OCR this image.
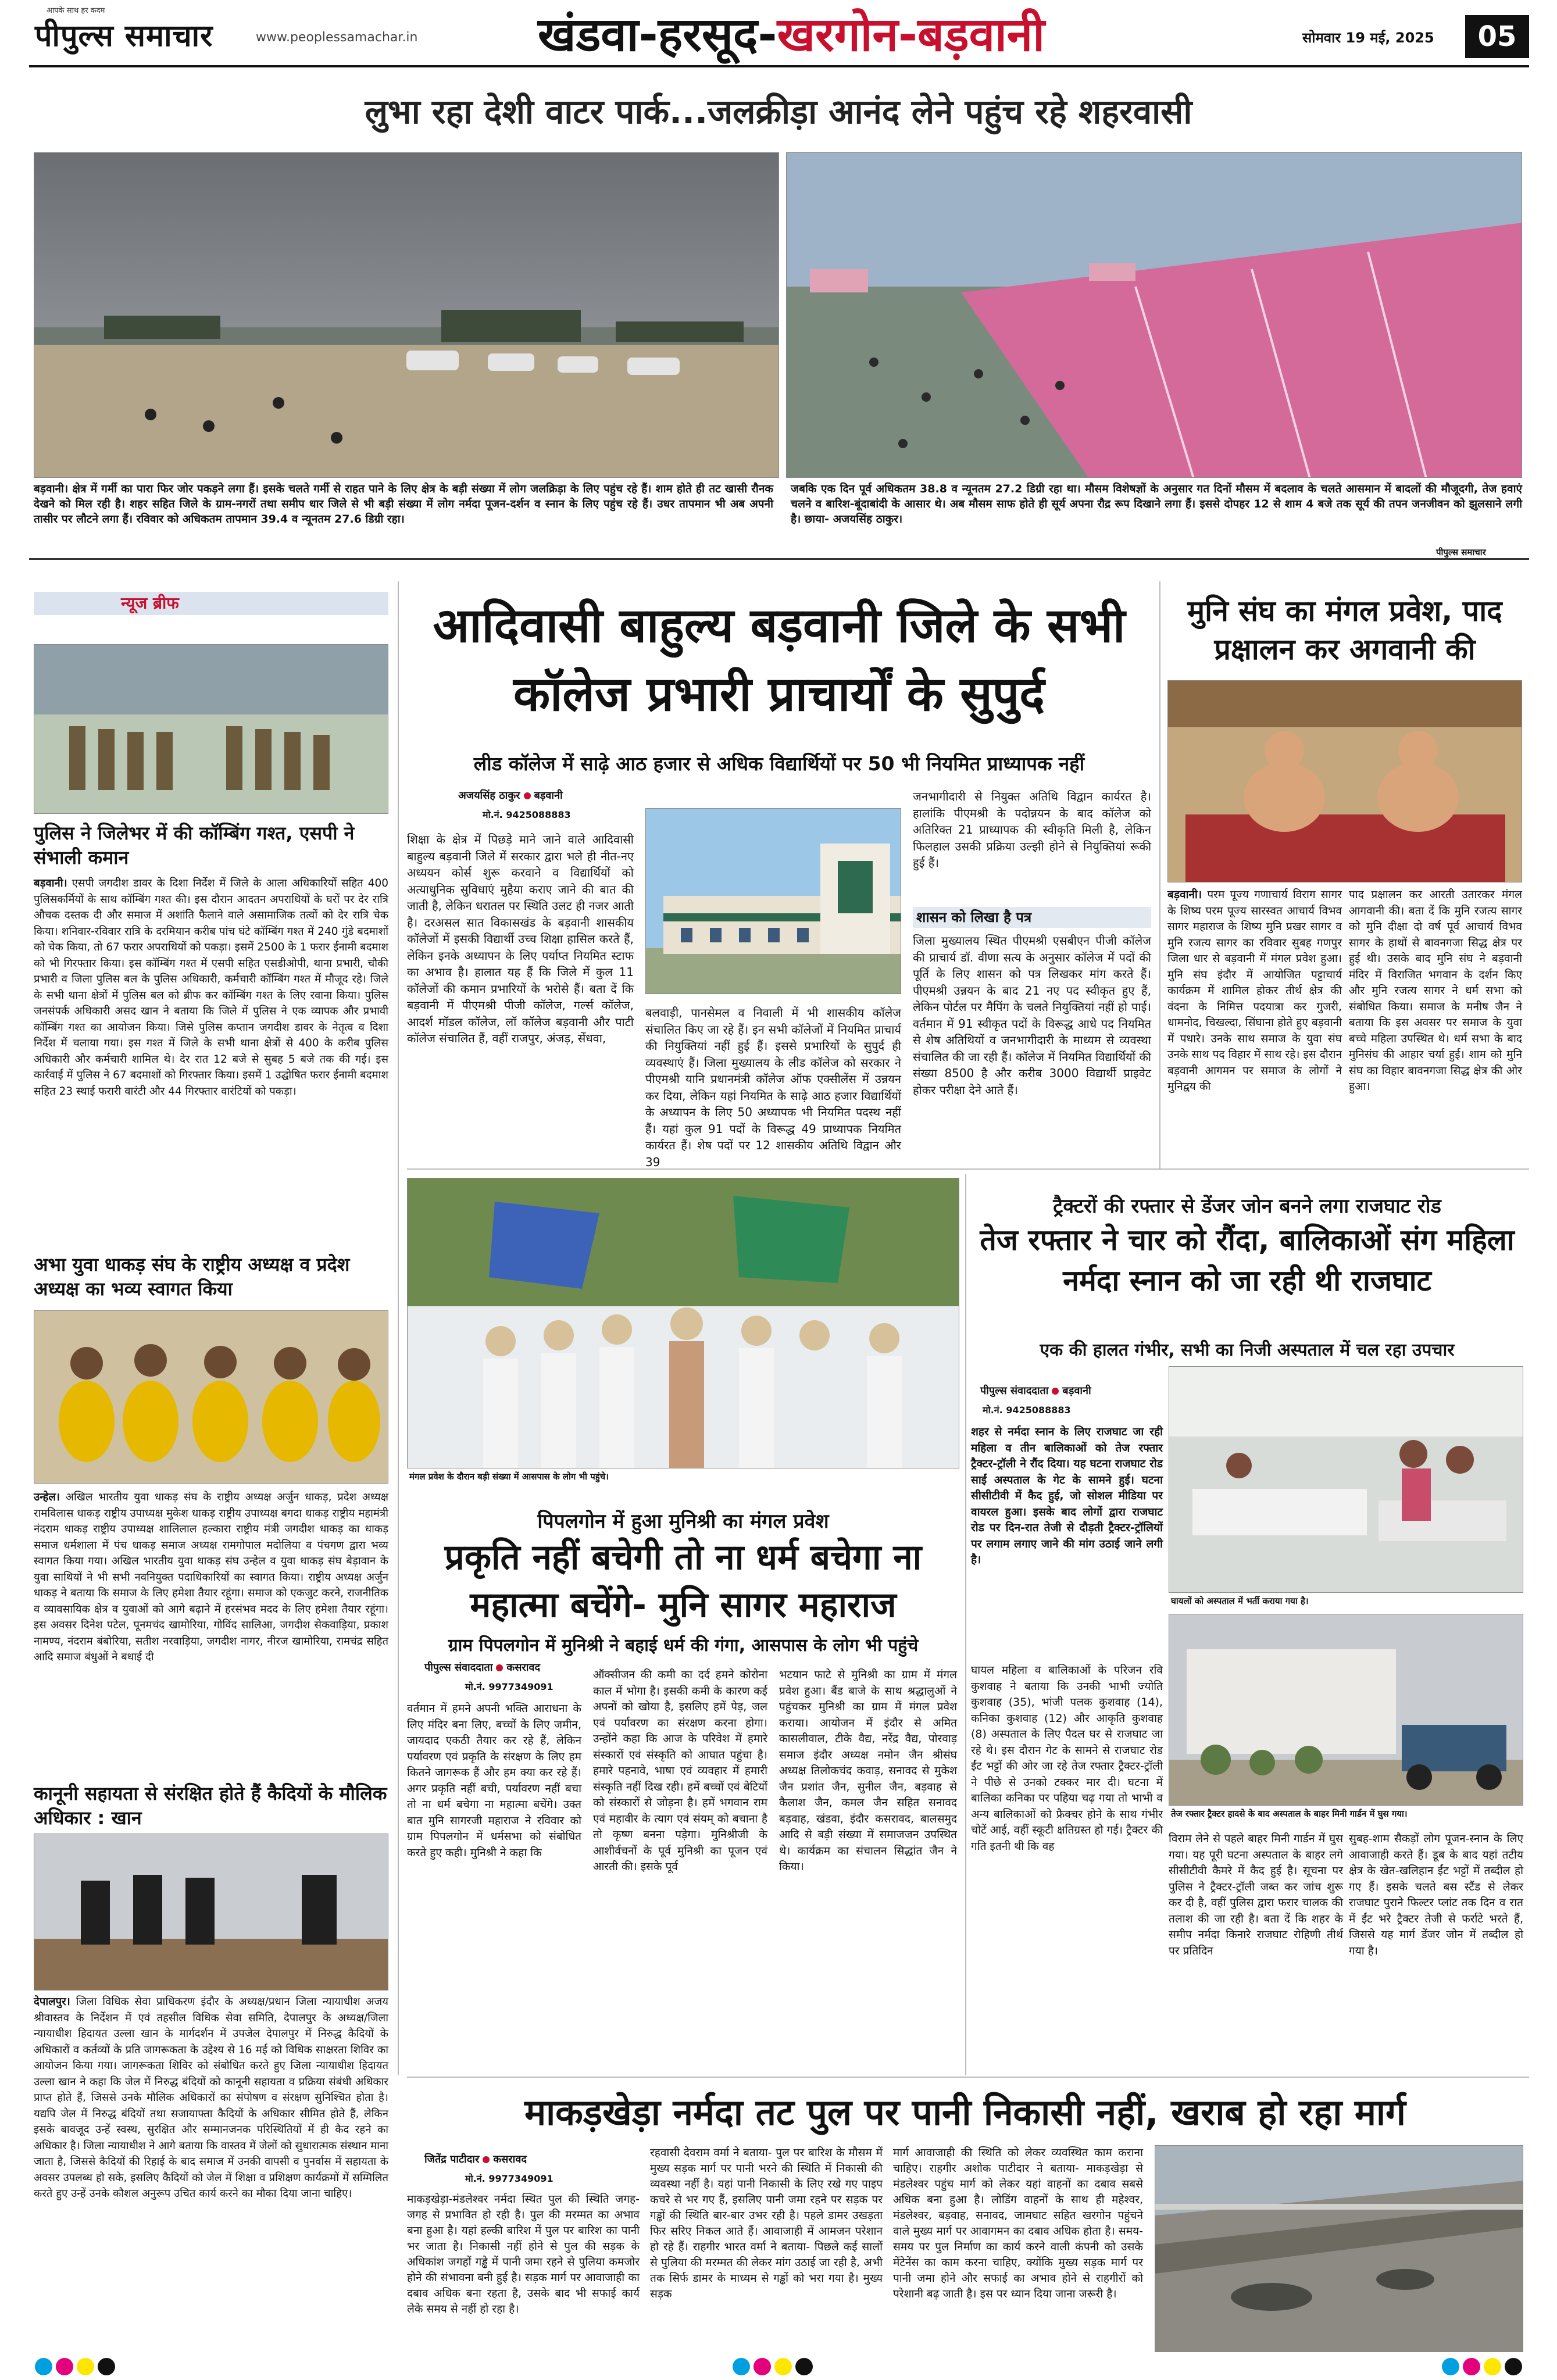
आपके साथ हर कदम
पीपुल्स समाचार	www.peoplessamachar.in	खंडवा-हरसूद-खरगोन-बड़वानी	सोमवार 19 मई, 2025	05
लुभा रहा देशी वाटर पार्क...जलक्रीड़ा आनंद लेने पहुंच रहे शहरवासी
बड़वानी। क्षेत्र में गर्मी का पारा फिर जोर पकड़ने लगा हैं। इसके चलते गर्मी से राहत पाने के लिए क्षेत्र के बड़ी संख्या में लोग जलक्रिड़ा के लिए पहुंच रहे हैं। शाम होते ही तट खासी रौनक देखने को मिल रही है। शहर सहित जिले के ग्राम-नगरों तथा समीप धार जिले से भी बड़ी संख्या में लोग नर्मदा पूजन-दर्शन व स्नान के लिए पहुंच रहे हैं। उधर तापमान भी अब अपनी तासीर पर लौटने लगा हैं। रविवार को अधिकतम तापमान 39.4 व न्यूनतम 27.6 डिग्री रहा।
जबकि एक दिन पूर्व अधिकतम 38.8 व न्यूनतम 27.2 डिग्री रहा था। मौसम विशेषज्ञों के अनुसार गत दिनों मौसम में बदलाव के चलते आसमान में बादलों की मौजूदगी, तेज हवाएं चलने व बारिश-बूंदाबांदी के आसार थे। अब मौसम साफ होते ही सूर्य अपना रौद्र रूप दिखाने लगा हैं। इससे दोपहर 12 से शाम 4 बजे तक सूर्य की तपन जनजीवन को झुलसाने लगी है। छाया- अजयसिंह ठाकुर।
पीपुल्स समाचार
न्यूज ब्रीफ
पुलिस ने जिलेभर में की कॉम्बिंग गश्त, एसपी ने संभाली कमान
बड़वानी। एसपी जगदीश डावर के दिशा निर्देश में जिले के आला अधिकारियों सहित 400 पुलिसकर्मियों के साथ कॉम्बिंग गश्त की। इस दौरान आदतन अपराधियों के घरों पर देर रात्रि औचक दस्तक दी और समाज में अशांति फैलाने वाले असामाजिक तत्वों को देर रात्रि चेक किया। शनिवार-रविवार रात्रि के दरमियान करीब पांच घंटे कॉम्बिंग गश्त में 240 गुंडे बदमाशों को चेक किया, तो 67 फरार अपराधियों को पकड़ा। इसमें 2500 के 1 फरार ईनामी बदमाश को भी गिरफ्तार किया। इस कॉम्बिंग गश्त में एसपी सहित एसडीओपी, थाना प्रभारी, चौकी प्रभारी व जिला पुलिस बल के पुलिस अधिकारी, कर्मचारी कॉम्बिंग गश्त में मौजूद रहे। जिले के सभी थाना क्षेत्रों में पुलिस बल को ब्रीफ कर कॉम्बिंग गश्त के लिए रवाना किया। पुलिस जनसंपर्क अधिकारी असद खान ने बताया कि जिले में पुलिस ने एक व्यापक और प्रभावी कॉम्बिंग गश्त का आयोजन किया। जिसे पुलिस कप्तान जगदीश डावर के नेतृत्व व दिशा निर्देश में चलाया गया। इस गश्त में जिले के सभी थाना क्षेत्रों से 400 के करीब पुलिस अधिकारी और कर्मचारी शामिल थे। देर रात 12 बजे से सुबह 5 बजे तक की गई। इस कार्रवाई में पुलिस ने 67 बदमाशों को गिरफ्तार किया। इसमें 1 उद्घोषित फरार ईनामी बदमाश सहित 23 स्थाई फरारी वारंटी और 44 गिरफ्तार वारंटियों को पकड़ा।
अभा युवा धाकड़ संघ के राष्ट्रीय अध्यक्ष व प्रदेश अध्यक्ष का भव्य स्वागत किया
उन्हेल। अखिल भारतीय युवा धाकड़ संघ के राष्ट्रीय अध्यक्ष अर्जुन धाकड़, प्रदेश अध्यक्ष रामविलास धाकड़ राष्ट्रीय उपाध्यक्ष मुकेश धाकड़ राष्ट्रीय उपाध्यक्ष बगदा धाकड़ राष्ट्रीय महामंत्री नंदराम धाकड़ राष्ट्रीय उपाध्यक्ष शालिलाल हल्कारा राष्ट्रीय मंत्री जगदीश धाकड़ का धाकड़ समाज धर्मशाला में पंच धाकड़ समाज अध्यक्ष रामगोपाल मदोलिया व पंचगण द्वारा भव्य स्वागत किया गया। अखिल भारतीय युवा धाकड़ संघ उन्हेल व युवा धाकड़ संघ बेड़ावान के युवा साथियों ने भी सभी नवनियुक्त पदाधिकारियों का स्वागत किया। राष्ट्रीय अध्यक्ष अर्जुन धाकड़ ने बताया कि समाज के लिए हमेशा तैयार रहूंगा। समाज को एकजुट करने, राजनीतिक व व्यावसायिक क्षेत्र व युवाओं को आगे बढ़ाने में हरसंभव मदद के लिए हमेशा तैयार रहूंगा। इस अवसर दिनेश पटेल, पूनमचंद खामोरिया, गोविंद सालिआ, जगदीश सेकवाड़िया, प्रकाश नामण्य, नंदराम बंबोरिया, सतीश नरवाड़िया, जगदीश नागर, नीरज खामोरिया, रामचंद्र सहित आदि समाज बंधुओं ने बधाई दी
कानूनी सहायता से संरक्षित होते हैं कैदियों के मौलिक अधिकार : खान
देपालपुर। जिला विधिक सेवा प्राधिकरण इंदौर के अध्यक्ष/प्रधान जिला न्यायाधीश अजय श्रीवास्तव के निर्देशन में एवं तहसील विधिक सेवा समिति, देपालपुर के अध्यक्ष/जिला न्यायाधीश हिदायत उल्ला खान के मार्गदर्शन में उपजेल देपालपुर में निरुद्ध कैदियों के अधिकारों व कर्तव्यों के प्रति जागरूकता के उद्देश्य से 16 मई को विधिक साक्षरता शिविर का आयोजन किया गया। जागरूकता शिविर को संबोधित करते हुए जिला न्यायाधीश हिदायत उल्ला खान ने कहा कि जेल में निरुद्ध बंदियों को कानूनी सहायता व प्रक्रिया संबंधी अधिकार प्राप्त होते हैं, जिससे उनके मौलिक अधिकारों का संपोषण व संरक्षण सुनिश्चित होता है। यद्यपि जेल में निरुद्ध बंदियों तथा सजायाफ्ता कैदियों के अधिकार सीमित होते हैं, लेकिन इसके बावजूद उन्हें स्वस्थ, सुरक्षित और सम्मानजनक परिस्थितियों में ही कैद रहने का अधिकार है। जिला न्यायाधीश ने आगे बताया कि वास्तव में जेलों को सुधारात्मक संस्थान माना जाता है, जिससे कैदियों की रिहाई के बाद समाज में उनकी वापसी व पुनर्वास में सहायता के अवसर उपलब्ध हो सके, इसलिए कैदियों को जेल में शिक्षा व प्रशिक्षण कार्यक्रमों में सम्मिलित करते हुए उन्हें उनके कौशल अनुरूप उचित कार्य करने का मौका दिया जाना चाहिए।
आदिवासी बाहुल्य बड़वानी जिले के सभी कॉलेज प्रभारी प्राचार्यों के सुपुर्द
लीड कॉलेज में साढ़े आठ हजार से अधिक विद्यार्थियों पर 50 भी नियमित प्राध्यापक नहीं
अजयसिंह ठाकुर बड़वानी
मो.नं. 9425088883
शिक्षा के क्षेत्र में पिछड़े माने जाने वाले आदिवासी बाहुल्य बड़वानी जिले में सरकार द्वारा भले ही नीत-नए अध्ययन कोर्स शुरू करवाने व विद्यार्थियों को अत्याधुनिक सुविधाएं मुहैया कराए जाने की बात की जाती है, लेकिन धरातल पर स्थिति उलट ही नजर आती है। दरअसल सात विकासखंड के बड़वानी शासकीय कॉलेजों में इसकी विद्यार्थी उच्च शिक्षा हासिल करते हैं, लेकिन इनके अध्यापन के लिए पर्याप्त नियमित स्टाफ का अभाव है। हालात यह हैं कि जिले में कुल 11 कॉलेजों की कमान प्रभारियों के भरोसे हैं। बता दें कि बड़वानी में पीएमश्री पीजी कॉलेज, गर्ल्स कॉलेज, आदर्श मॉडल कॉलेज, लॉ कॉलेज बड़वानी और पाटी कॉलेज संचालित हैं, वहीं राजपुर, अंजड़, सेंधवा,
बलवाड़ी, पानसेमल व निवाली में भी शासकीय कॉलेज संचालित किए जा रहे हैं। इन सभी कॉलेजों में नियमित प्राचार्य की नियुक्तियां नहीं हुई हैं। इससे प्रभारियों के सुपुर्द ही व्यवस्थाएं हैं। जिला मुख्यालय के लीड कॉलेज को सरकार ने पीएमश्री यानि प्रधानमंत्री कॉलेज ऑफ एक्सीलेंस में उन्नयन कर दिया, लेकिन यहां नियमित के साढ़े आठ हजार विद्यार्थियों के अध्यापन के लिए 50 अध्यापक भी नियमित पदस्थ नहीं हैं। यहां कुल 91 पदों के विरूद्ध 49 प्राध्यापक नियमित कार्यरत हैं। शेष पदों पर 12 शासकीय अतिथि विद्वान और 39
जनभागीदारी से नियुक्त अतिथि विद्वान कार्यरत है। हालांकि पीएमश्री के पदोन्नयन के बाद कॉलेज को अतिरिक्त 21 प्राध्यापक की स्वीकृति मिली है, लेकिन फिलहाल उसकी प्रक्रिया उल्झी होने से नियुक्तियां रूकी हुई हैं।
शासन को लिखा है पत्र
जिला मुख्यालय स्थित पीएमश्री एसबीएन पीजी कॉलेज की प्राचार्य डॉ. वीणा सत्य के अनुसार कॉलेज में पदों की पूर्ति के लिए शासन को पत्र लिखकर मांग करते हैं। पीएमश्री उन्नयन के बाद 21 नए पद स्वीकृत हुए हैं, लेकिन पोर्टल पर मैपिंग के चलते नियुक्तियां नहीं हो पाई। वर्तमान में 91 स्वीकृत पदों के विरूद्ध आधे पद नियमित से शेष अतिथियों व जनभागीदारी के माध्यम से व्यवस्था संचालित की जा रही हैं। कॉलेज में नियमित विद्यार्थियों की संख्या 8500 है और करीब 3000 विद्यार्थी प्राइवेट होकर परीक्षा देने आते हैं।
मुनि संघ का मंगल प्रवेश, पाद प्रक्षालन कर अगवानी की
बड़वानी। परम पूज्य गणाचार्य विराग सागर के शिष्य परम पूज्य सारस्वत आचार्य विभव सागर महाराज के शिष्य मुनि प्रखर सागर व मुनि रजत्य सागर का रविवार सुबह गणपुर जिला धार से बड़वानी में मंगल प्रवेश हुआ। मुनि संघ इंदौर में आयोजित पट्टाचार्य कार्यक्रम में शामिल होकर तीर्थ क्षेत्र की वंदना के निमित्त पदयात्रा कर गुजरी, धामनोद, चिखल्दा, सिंघाना होते हुए बड़वानी में पधारे। उनके साथ समाज के युवा संघ उनके साथ पद विहार में साथ रहे। इस दौरान बड़वानी आगमन पर समाज के लोगों ने मुनिद्वय की
पाद प्रक्षालन कर आरती उतारकर मंगल आगवानी की। बता दें कि मुनि रजत्य सागर को मुनि दीक्षा दो वर्ष पूर्व आचार्य विभव सागर के हाथों से बावनगजा सिद्ध क्षेत्र पर हुई थी। उसके बाद मुनि संघ ने बड़वानी मंदिर में विराजित भगवान के दर्शन किए और मुनि रजत्य सागर ने धर्म सभा को संबोधित किया। समाज के मनीष जैन ने बताया कि इस अवसर पर समाज के युवा बच्चे महिला उपस्थित थे। धर्म सभा के बाद मुनिसंघ की आहार चर्या हुई। शाम को मुनि संघ का विहार बावनगजा सिद्ध क्षेत्र की ओर हुआ।
मंगल प्रवेश के दौरान बड़ी संख्या में आसपास के लोग भी पहुंचे।
पिपलगोन में हुआ मुनिश्री का मंगल प्रवेश
प्रकृति नहीं बचेगी तो ना धर्म बचेगा ना महात्मा बचेंगे- मुनि सागर महाराज
ग्राम पिपलगोन में मुनिश्री ने बहाई धर्म की गंगा, आसपास के लोग भी पहुंचे
पीपुल्स संवाददाता कसरावद
मो.नं. 9977349091
वर्तमान में हमने अपनी भक्ति आराधना के लिए मंदिर बना लिए, बच्चों के लिए जमीन, जायदाद एकठी तैयार कर रहे हैं, लेकिन पर्यावरण एवं प्रकृति के संरक्षण के लिए हम कितने जागरूक हैं और हम क्या कर रहे हैं। अगर प्रकृति नहीं बची, पर्यावरण नहीं बचा तो ना धर्म बचेगा ना महात्मा बचेंगे। उक्त बात मुनि सागरजी महाराज ने रविवार को ग्राम पिपलगोन में धर्मसभा को संबोधित करते हुए कही। मुनिश्री ने कहा कि
ऑक्सीजन की कमी का दर्द हमने कोरोना काल में भोगा है। इसकी कमी के कारण कई अपनों को खोया है, इसलिए हमें पेड़, जल एवं पर्यावरण का संरक्षण करना होगा। उन्होंने कहा कि आज के परिवेश में हमारे संस्कारों एवं संस्कृति को आघात पहुंचा है। हमारे पहनावे, भाषा एवं व्यवहार में हमारी संस्कृति नहीं दिख रही। हमें बच्चों एवं बेटियों को संस्कारों से जोड़ना है। हमें भगवान राम एवं महावीर के त्याग एवं संयम् को बचाना है तो कृष्ण बनना पड़ेगा। मुनिश्रीजी के आशीर्वचनों के पूर्व मुनिश्री का पूजन एवं आरती की। इसके पूर्व
भटयान फाटे से मुनिश्री का ग्राम में मंगल प्रवेश हुआ। बैंड बाजे के साथ श्रद्धालुओं ने पहुंचकर मुनिश्री का ग्राम में मंगल प्रवेश कराया। आयोजन में इंदौर से अमित कासलीवाल, टीके वैद्य, नरेंद्र वैद्य, पोरवाड़ समाज इंदौर अध्यक्ष नमोन जैन श्रीसंघ अध्यक्ष तिलोकचंद कवाड़, सनावद से मुकेश जैन प्रशांत जैन, सुनील जैन, बड़वाह से कैलाश जैन, कमल जैन सहित सनावद बड़वाह, खंडवा, इंदौर कसरावद, बालसमुद आदि से बड़ी संख्या में समाजजन उपस्थित थे। कार्यक्रम का संचालन सिद्धांत जैन ने किया।
ट्रैक्टरों की रफ्तार से डेंजर जोन बनने लगा राजघाट रोड
तेज रफ्तार ने चार को रौंदा, बालिकाओं संग महिला नर्मदा स्नान को जा रही थी राजघाट
एक की हालत गंभीर, सभी का निजी अस्पताल में चल रहा उपचार
पीपुल्स संवाददाता बड़वानी
मो.नं. 9425088883
शहर से नर्मदा स्नान के लिए राजघाट जा रही महिला व तीन बालिकाओं को तेज रफ्तार ट्रैक्टर-ट्रॉली ने रौंद दिया। यह घटना राजघाट रोड साईं अस्पताल के गेट के सामने हुई। घटना सीसीटीवी में कैद हुई, जो सोशल मीडिया पर वायरल हुआ। इसके बाद लोगों द्वारा राजघाट रोड पर दिन-रात तेजी से दौड़ती ट्रैक्टर-ट्रॉलियों पर लगाम लगाए जाने की मांग उठाई जाने लगी है।
घायल महिला व बालिकाओं के परिजन रवि कुशवाह ने बताया कि उनकी भाभी ज्योति कुशवाह (35), भांजी पलक कुशवाह (14), कनिका कुशवाह (12) और आकृति कुशवाह (8) अस्पताल के लिए पैदल घर से राजघाट जा रहे थे। इस दौरान गेट के सामने से राजघाट रोड ईंट भट्टों की ओर जा रहे तेज रफ्तार ट्रैक्टर-ट्रॉली ने पीछे से उनको टक्कर मार दी। घटना में बालिका कनिका पर पहिया चढ़ गया तो भाभी व अन्य बालिकाओं को फ्रैक्चर होने के साथ गंभीर चोटें आई, वहीं स्कूटी क्षतिग्रस्त हो गई। ट्रैक्टर की गति इतनी थी कि वह
घायलों को अस्पताल में भर्ती कराया गया है।
तेज रफ्तार ट्रैक्टर हादसे के बाद अस्पताल के बाहर मिनी गार्डन में घुस गया।
विराम लेने से पहले बाहर मिनी गार्डन में घुस गया। यह पूरी घटना अस्पताल के बाहर लगे सीसीटीवी कैमरे में कैद हुई है। सूचना पर पुलिस ने ट्रैक्टर-ट्रॉली जब्त कर जांच शुरू कर दी है, वहीं पुलिस द्वारा फरार चालक की तलाश की जा रही है। बता दें कि शहर के समीप नर्मदा किनारे राजघाट रोहिणी तीर्थ पर प्रतिदिन
सुबह-शाम सैकड़ों लोग पूजन-स्नान के लिए आवाजाही करते हैं। डूब के बाद यहां तटीय क्षेत्र के खेत-खलिहान ईंट भट्टों में तब्दील हो गए हैं। इसके चलते बस स्टैंड से लेकर राजघाट पुराने फिल्टर प्लांट तक दिन व रात में ईंट भरे ट्रैक्टर तेजी से फर्राटे भरते हैं, जिससे यह मार्ग डेंजर जोन में तब्दील हो गया है।
माकड़खेड़ा नर्मदा तट पुल पर पानी निकासी नहीं, खराब हो रहा मार्ग
जितेंद्र पाटीदार कसरावद
मो.नं. 9977349091
माकड़खेड़ा-मंडलेश्वर नर्मदा स्थित पुल की स्थिति जगह-जगह से प्रभावित हो रही है। पुल की मरम्मत का अभाव बना हुआ है। यहां हल्की बारिश में पुल पर बारिश का पानी भर जाता है। निकासी नहीं होने से पुल की सड़क के अधिकांश जगहों गड्ढे में पानी जमा रहने से पुलिया कमजोर होने की संभावना बनी हुई है। सड़क मार्ग पर आवाजाही का दबाव अधिक बना रहता है, उसके बाद भी सफाई कार्य लेके समय से नहीं हो रहा है।
रहवासी देवराम वर्मा ने बताया- पुल पर बारिश के मौसम में मुख्य सड़क मार्ग पर पानी भरने की स्थिति में निकासी की व्यवस्था नहीं है। यहां पानी निकासी के लिए रखे गए पाइप कचरे से भर गए हैं, इसलिए पानी जमा रहने पर सड़क पर गड्ढों की स्थिति बार-बार उभर रही है। पहले डामर उखड़ता फिर सरिए निकल आते हैं। आवाजाही में आमजन परेशान हो रहे हैं। राहगीर भारत वर्मा ने बताया- पिछले कई सालों से पुलिया की मरम्मत की लेकर मांग उठाई जा रही है, अभी तक सिर्फ डामर के माध्यम से गड्ढों को भरा गया है। मुख्य सड़क
मार्ग आवाजाही की स्थिति को लेकर व्यवस्थित काम कराना चाहिए। राहगीर अशोक पाटीदार ने बताया- माकड़खेड़ा से मंडलेश्वर पहुंच मार्ग को लेकर यहां वाहनों का दबाव सबसे अधिक बना हुआ है। लोडिंग वाहनों के साथ ही महेश्वर, मंडलेश्वर, बड़वाह, सनावद, जामघाट सहित खरगोन पहुंचने वाले मुख्य मार्ग पर आवागमन का दबाव अधिक होता है। समय-समय पर पुल निर्माण का कार्य करने वाली कंपनी को उसके मेंटेनेंस का काम करना चाहिए, क्योंकि मुख्य सड़क मार्ग पर पानी जमा होने और सफाई का अभाव होने से राहगीरों को परेशानी बढ़ जाती है। इस पर ध्यान दिया जाना जरूरी है।
